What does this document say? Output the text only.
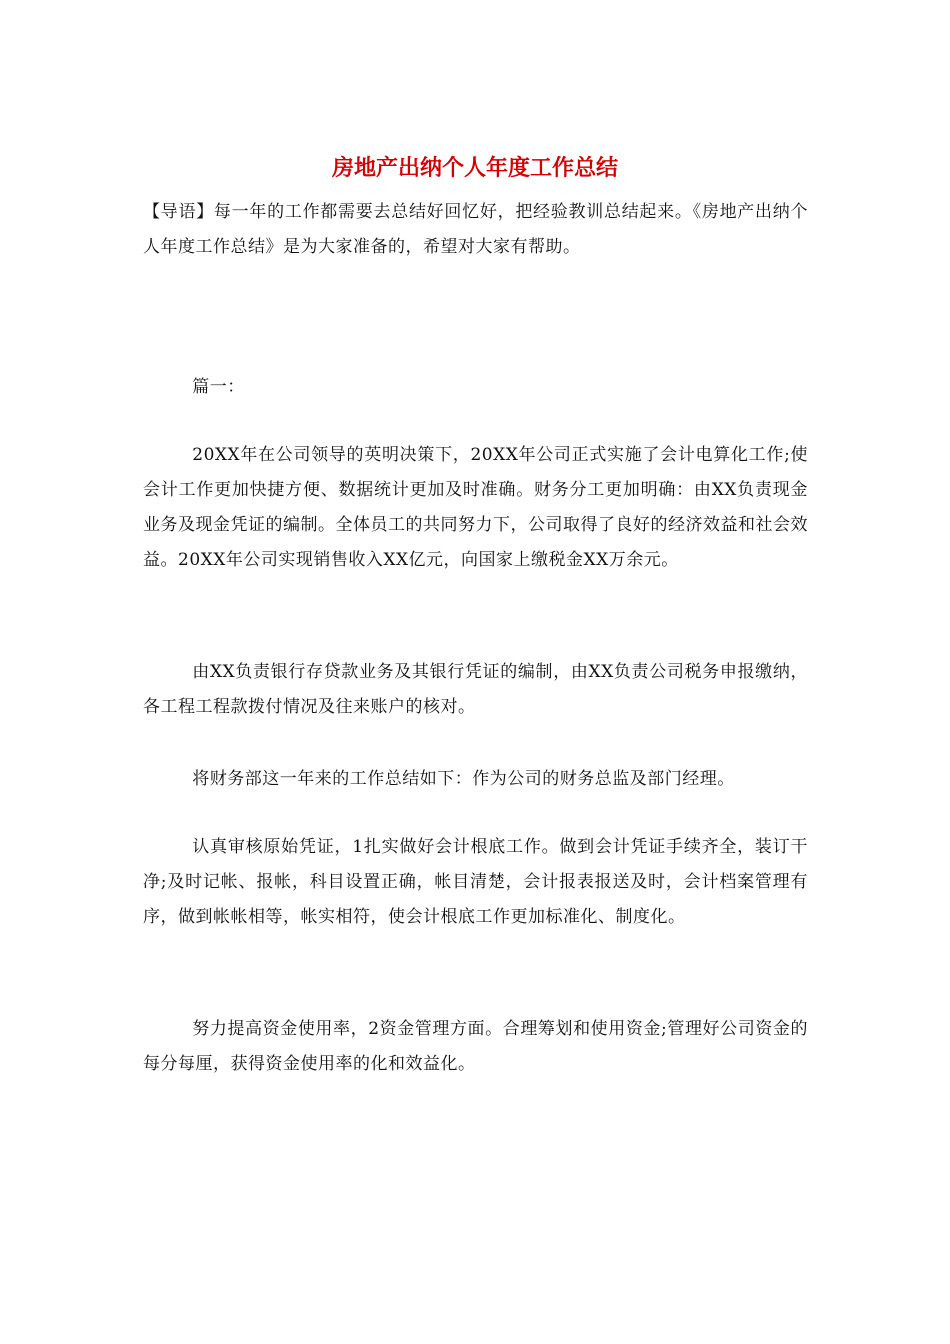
房地产出纳个人年度工作总结

【导语】每一年的工作都需要去总结好回忆好，把经验教训总结起来。《房地产出纳个人年度工作总结》是为大家准备的，希望对大家有帮助。

篇一：

20XX年在公司领导的英明决策下，20XX年公司正式实施了会计电算化工作;使会计工作更加快捷方便、数据统计更加及时准确。财务分工更加明确：由XX负责现金业务及现金凭证的编制。全体员工的共同努力下，公司取得了良好的经济效益和社会效益。20XX年公司实现销售收入XX亿元，向国家上缴税金XX万余元。

由XX负责银行存贷款业务及其银行凭证的编制，由XX负责公司税务申报缴纳，各工程工程款拨付情况及往来账户的核对。

将财务部这一年来的工作总结如下：作为公司的财务总监及部门经理。

认真审核原始凭证，1扎实做好会计根底工作。做到会计凭证手续齐全，装订干净;及时记帐、报帐，科目设置正确，帐目清楚，会计报表报送及时，会计档案管理有序，做到帐帐相等，帐实相符，使会计根底工作更加标准化、制度化。

努力提高资金使用率，2资金管理方面。合理筹划和使用资金;管理好公司资金的每分每厘，获得资金使用率的化和效益化。
